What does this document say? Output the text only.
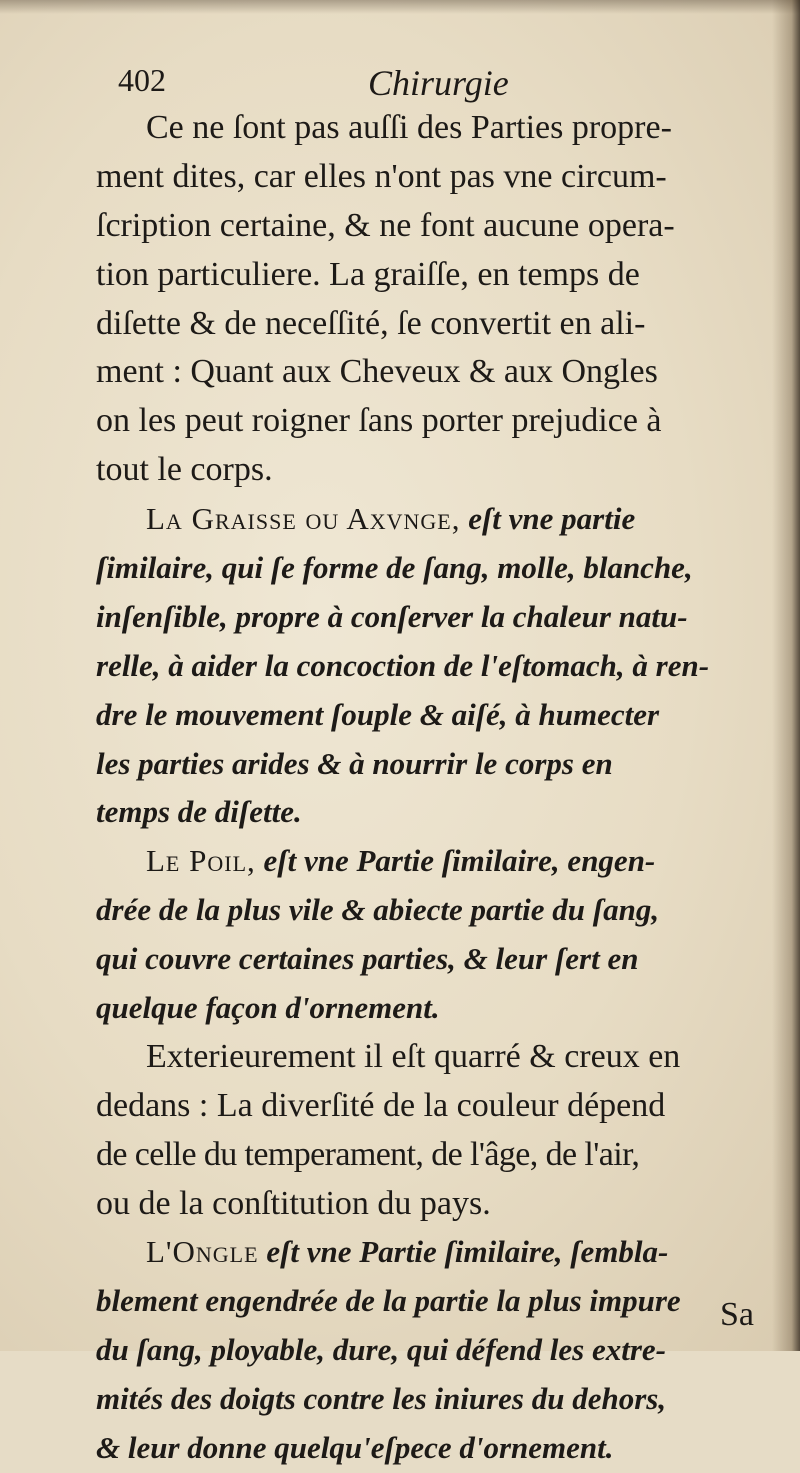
402	Chirurgie
Ce ne ſont pas auſſi des Parties propre-
ment dites, car elles n'ont pas vne circum-
ſcription certaine, & ne font aucune opera-
tion particuliere. La graiſſe, en temps de
diſette & de neceſſité, ſe convertit en ali-
ment : Quant aux Cheveux & aux Ongles
on les peut roigner ſans porter prejudice à
tout le corps.
La Graisse ou Axvnge, eſt vne partie
ſimilaire, qui ſe forme de ſang, molle, blanche,
inſenſible, propre à conſerver la chaleur natu-
relle, à aider la concoction de l'eſtomach, à ren-
dre le mouvement ſouple & aiſé, à humecter
les parties arides & à nourrir le corps en
temps de diſette.
Le Poil, eſt vne Partie ſimilaire, engen-
drée de la plus vile & abiecte partie du ſang,
qui couvre certaines parties, & leur ſert en
quelque façon d'ornement.
Exterieurement il eſt quarré & creux en
dedans : La diverſité de la couleur dépend
de celle du temperament, de l'âge, de l'air,
ou de la conſtitution du pays.
L'Ongle eſt vne Partie ſimilaire, ſembla-
blement engendrée de la partie la plus impure
du ſang, ployable, dure, qui défend les extre-
mités des doigts contre les iniures du dehors,
& leur donne quelqu'eſpece d'ornement.
Sa
